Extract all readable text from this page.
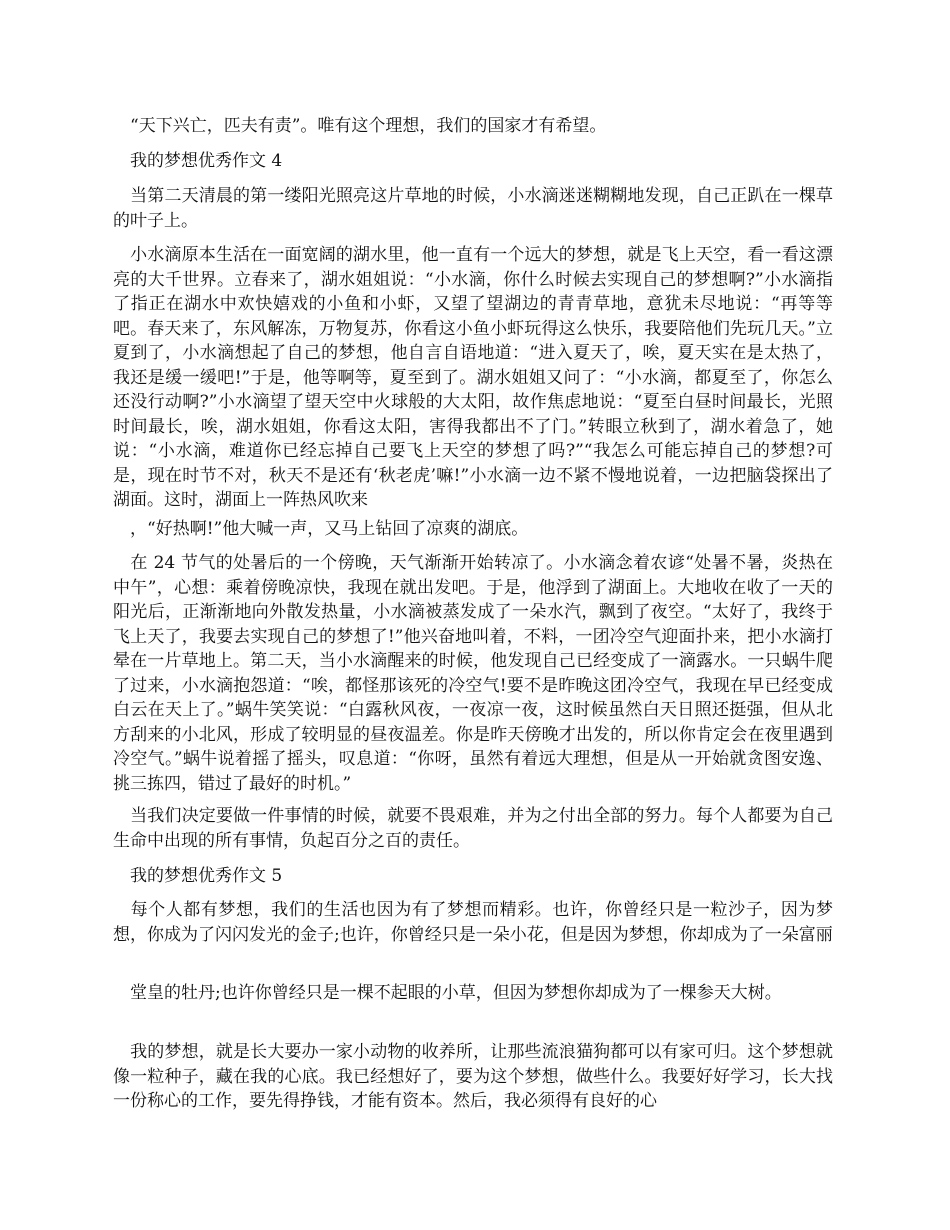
　“天下兴亡，匹夫有责”。唯有这个理想，我们的国家才有希望。

　我的梦想优秀作文 4

　当第二天清晨的第一缕阳光照亮这片草地的时候，小水滴迷迷糊糊地发现，自己正趴在一棵草的叶子上。

　小水滴原本生活在一面宽阔的湖水里，他一直有一个远大的梦想，就是飞上天空，看一看这漂亮的大千世界。立春来了，湖水姐姐说：“小水滴，你什么时候去实现自己的梦想啊?”小水滴指了指正在湖水中欢快嬉戏的小鱼和小虾，又望了望湖边的青青草地，意犹未尽地说：“再等等吧。春天来了，东风解冻，万物复苏，你看这小鱼小虾玩得这么快乐，我要陪他们先玩几天。”立夏到了，小水滴想起了自己的梦想，他自言自语地道：“进入夏天了，唉，夏天实在是太热了，我还是缓一缓吧!”于是，他等啊等，夏至到了。湖水姐姐又问了：“小水滴，都夏至了，你怎么还没行动啊?”小水滴望了望天空中火球般的大太阳，故作焦虑地说：“夏至白昼时间最长，光照时间最长，唉，湖水姐姐，你看这太阳，害得我都出不了门。”转眼立秋到了，湖水着急了，她说：“小水滴，难道你已经忘掉自己要飞上天空的梦想了吗?”“我怎么可能忘掉自己的梦想?可是，现在时节不对，秋天不是还有‘秋老虎’嘛!”小水滴一边不紧不慢地说着，一边把脑袋探出了湖面。这时，湖面上一阵热风吹来

　，“好热啊!”他大喊一声，又马上钻回了凉爽的湖底。

　在 24 节气的处暑后的一个傍晚，天气渐渐开始转凉了。小水滴念着农谚“处暑不暑，炎热在中午”，心想：乘着傍晚凉快，我现在就出发吧。于是，他浮到了湖面上。大地收在收了一天的阳光后，正渐渐地向外散发热量，小水滴被蒸发成了一朵水汽，飘到了夜空。“太好了，我终于飞上天了，我要去实现自己的梦想了!”他兴奋地叫着，不料，一团冷空气迎面扑来，把小水滴打晕在一片草地上。第二天，当小水滴醒来的时候，他发现自己已经变成了一滴露水。一只蜗牛爬了过来，小水滴抱怨道：“唉，都怪那该死的冷空气!要不是昨晚这团冷空气，我现在早已经变成白云在天上了。”蜗牛笑笑说：“白露秋风夜，一夜凉一夜，这时候虽然白天日照还挺强，但从北方刮来的小北风，形成了较明显的昼夜温差。你是昨天傍晚才出发的，所以你肯定会在夜里遇到冷空气。”蜗牛说着摇了摇头，叹息道：“你呀，虽然有着远大理想，但是从一开始就贪图安逸、挑三拣四，错过了最好的时机。”

　当我们决定要做一件事情的时候，就要不畏艰难，并为之付出全部的努力。每个人都要为自己生命中出现的所有事情，负起百分之百的责任。

　我的梦想优秀作文 5

　每个人都有梦想，我们的生活也因为有了梦想而精彩。也许，你曾经只是一粒沙子，因为梦想，你成为了闪闪发光的金子;也许，你曾经只是一朵小花，但是因为梦想，你却成为了一朵富丽

　堂皇的牡丹;也许你曾经只是一棵不起眼的小草，但因为梦想你却成为了一棵参天大树。

　我的梦想，就是长大要办一家小动物的收养所，让那些流浪猫狗都可以有家可归。这个梦想就像一粒种子，藏在我的心底。我已经想好了，要为这个梦想，做些什么。我要好好学习，长大找一份称心的工作，要先得挣钱，才能有资本。然后，我必须得有良好的心
